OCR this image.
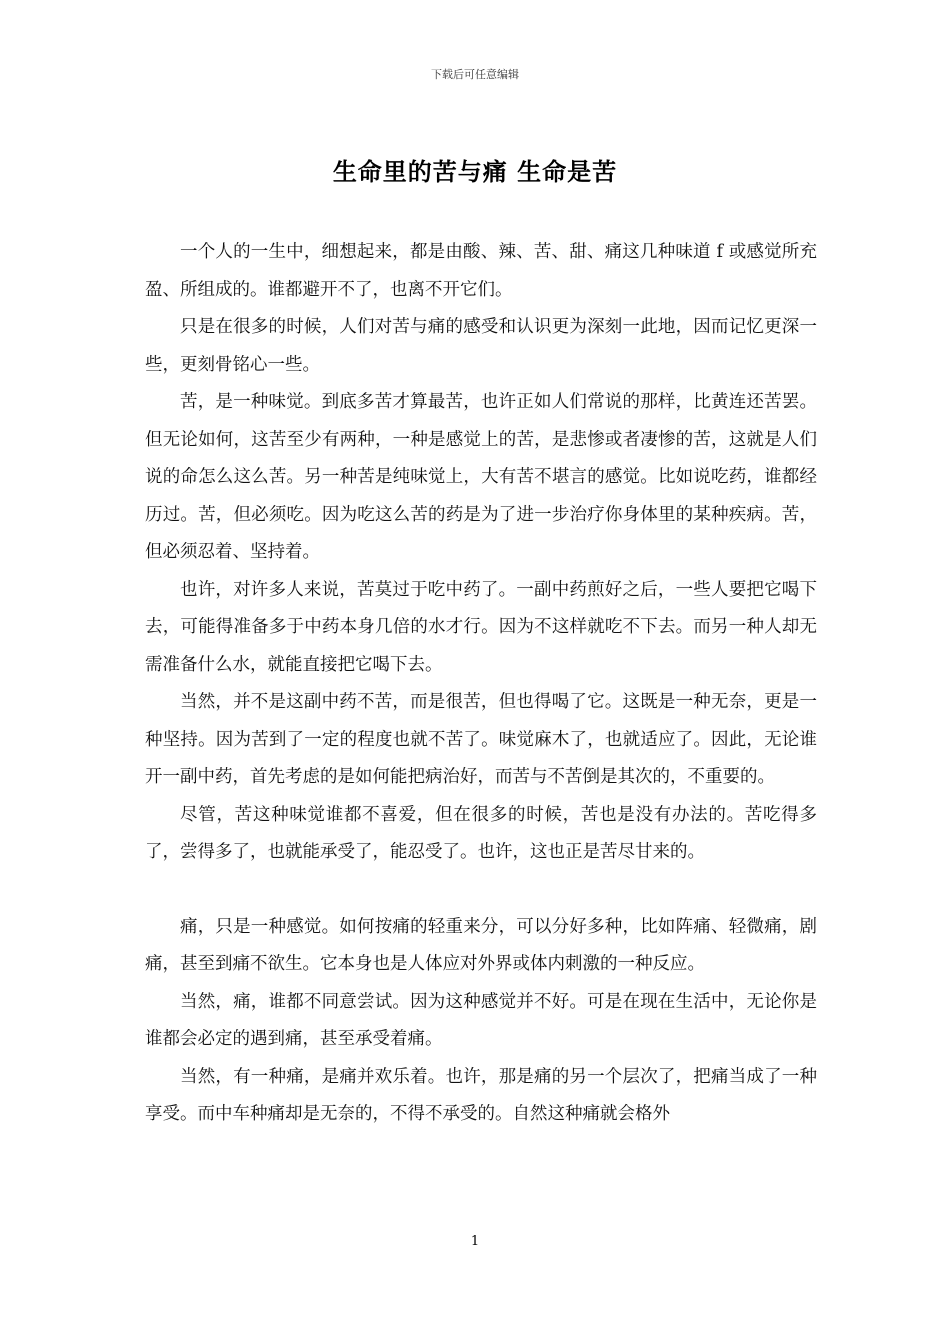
下载后可任意编辑
生命里的苦与痛 生命是苦

一个人的一生中，细想起来，都是由酸、辣、苦、甜、痛这几种味道 f 或感觉所充盈、所组成的。谁都避开不了，也离不开它们。

只是在很多的时候，人们对苦与痛的感受和认识更为深刻一此地，因而记忆更深一些，更刻骨铭心一些。

苦，是一种味觉。到底多苦才算最苦，也许正如人们常说的那样，比黄连还苦罢。但无论如何，这苦至少有两种，一种是感觉上的苦，是悲惨或者凄惨的苦，这就是人们说的命怎么这么苦。另一种苦是纯味觉上，大有苦不堪言的感觉。比如说吃药，谁都经历过。苦，但必须吃。因为吃这么苦的药是为了进一步治疗你身体里的某种疾病。苦，但必须忍着、坚持着。

也许，对许多人来说，苦莫过于吃中药了。一副中药煎好之后，一些人要把它喝下去，可能得准备多于中药本身几倍的水才行。因为不这样就吃不下去。而另一种人却无需准备什么水，就能直接把它喝下去。

当然，并不是这副中药不苦，而是很苦，但也得喝了它。这既是一种无奈，更是一种坚持。因为苦到了一定的程度也就不苦了。味觉麻木了，也就适应了。因此，无论谁开一副中药，首先考虑的是如何能把病治好，而苦与不苦倒是其次的，不重要的。

尽管，苦这种味觉谁都不喜爱，但在很多的时候，苦也是没有办法的。苦吃得多了，尝得多了，也就能承受了，能忍受了。也许，这也正是苦尽甘来的。

痛，只是一种感觉。如何按痛的轻重来分，可以分好多种，比如阵痛、轻微痛，剧痛，甚至到痛不欲生。它本身也是人体应对外界或体内刺激的一种反应。

当然，痛，谁都不同意尝试。因为这种感觉并不好。可是在现在生活中，无论你是谁都会必定的遇到痛，甚至承受着痛。

当然，有一种痛，是痛并欢乐着。也许，那是痛的另一个层次了，把痛当成了一种享受。而中车种痛却是无奈的，不得不承受的。自然这种痛就会格外

1
